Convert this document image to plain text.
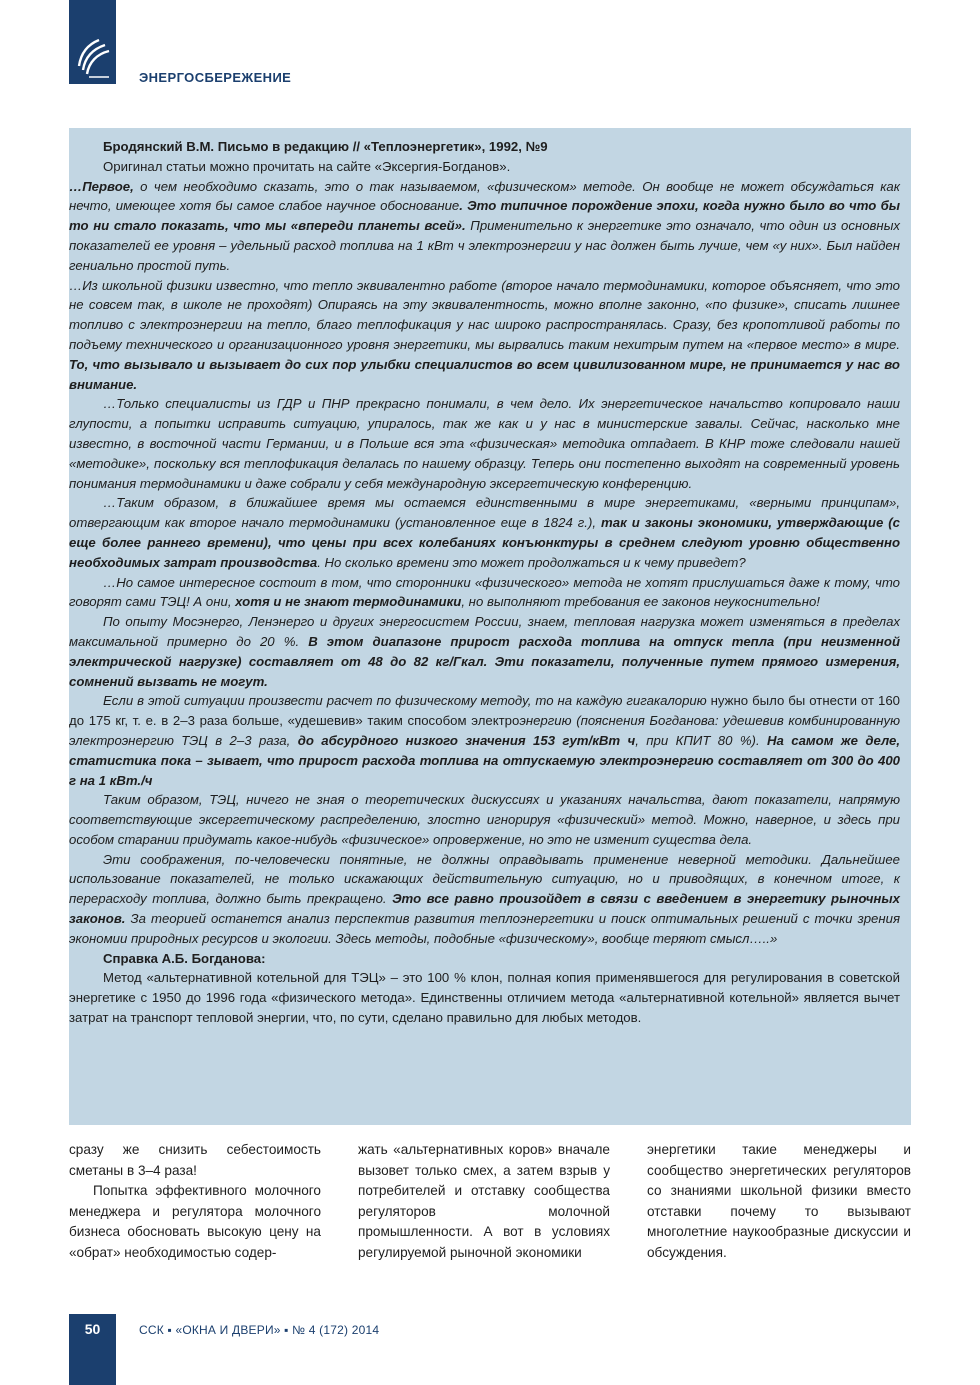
ЭНЕРГОСБЕРЕЖЕНИЕ

Бродянский В.М. Письмо в редакцию // «Теплоэнергетик», 1992, №9

Оригинал статьи можно прочитать на сайте «Эксергия-Богданов».

…Первое, о чем необходимо сказать, это о так называемом, «физическом» методе. Он вообще не может обсуждаться как нечто, имеющее хотя бы самое слабое научное обоснование. Это типичное порождение эпохи, когда нужно было во что бы то ни стало показать, что мы «впереди планеты всей». Применительно к энергетике это означало, что один из основных показателей ее уровня – удельный расход топлива на 1 кВт ч электроэнергии у нас должен быть лучше, чем «у них». Был найден гениально простой путь.

…Из школьной физики известно, что тепло эквивалентно работе (второе начало термодинамики, которое объясняет, что это не совсем так, в школе не проходят) Опираясь на эту эквивалентность, можно вполне законно, «по физике», списать лишнее топливо с электроэнергии на тепло, благо теплофикация у нас широко распространялась. Сразу, без кропотливой работы по подъему технического и организационного уровня энергетики, мы вырвались таким нехитрым путем на «первое место» в мире. То, что вызывало и вызывает до сих пор улыбки специалистов во всем цивилизованном мире, не принимается у нас во внимание.

…Только специалисты из ГДР и ПНР прекрасно понимали, в чем дело. Их энергетическое начальство копировало наши глупости, а попытки исправить ситуацию, упиралось, так же как и у нас в министерские завалы. Сейчас, насколько мне известно, в восточной части Германии, и в Польше вся эта «физическая» методика отпадает. В КНР тоже следовали нашей «методике», поскольку вся теплофикация делалась по нашему образцу. Теперь они постепенно выходят на современный уровень понимания термодинамики и даже собрали у себя международную эксергетическую конференцию.

…Таким образом, в ближайшее время мы остаемся единственными в мире энергетиками, «верными принципам», отвергающим как второе начало термодинамики (установленное еще в 1824 г.), так и законы экономики, утверждающие (с еще более раннего времени), что цены при всех колебаниях конъюнктуры в среднем следуют уровню общественно необходимых затрат производства. Но сколько времени это может продолжаться и к чему приведет?

…Но самое интересное состоит в том, что сторонники «физического» метода не хотят прислушаться даже к тому, что говорят сами ТЭЦ! А они, хотя и не знают термодинамики, но выполняют требования ее законов неукоснительно!

По опыту Мосэнерго, Ленэнерго и других энергосистем России, знаем, тепловая нагрузка может изменяться в пределах максимальной примерно до 20 %. В этом диапазоне прирост расхода топлива на отпуск тепла (при неизменной электрической нагрузке) составляет от 48 до 82 кг/Гкал. Эти показатели, полученные путем прямого измерения, сомнений вызвать не могут.

Если в этой ситуации произвести расчет по физическому методу, то на каждую гигакалорию нужно было бы отнести от 160 до 175 кг, т. е. в 2–3 раза больше, «удешевив» таким способом электроэнергию (пояснения Богданова: удешевив комбинированную электроэнергию ТЭЦ в 2–3 раза, до абсурдного низкого значения 153 гут/кВт ч, при КПИТ 80 %). На самом же деле, статистика пока – зывает, что прирост расхода топлива на отпускаемую электроэнергию составляет от 300 до 400 г на 1 кВт./ч

Таким образом, ТЭЦ, ничего не зная о теоретических дискуссиях и указаниях начальства, дают показатели, напрямую соответствующие эксергетическому распределению, злостно игнорируя «физический» метод. Можно, наверное, и здесь при особом старании придумать какое-нибудь «физическое» опровержение, но это не изменит существа дела.

Эти соображения, по-человечески понятные, не должны оправдывать применение неверной методики. Дальнейшее использование показателей, не только искажающих действительную ситуацию, но и приводящих, в конечном итоге, к перерасходу топлива, должно быть прекращено. Это все равно произойдет в связи с введением в энергетику рыночных законов. За теорией останется анализ перспектив развития теплоэнергетики и поиск оптимальных решений с точки зрения экономии природных ресурсов и экологии. Здесь методы, подобные «физическому», вообще теряют смысл…..»

Справка А.Б. Богданова:

Метод «альтернативной котельной для ТЭЦ» – это 100 % клон, полная копия применявшегося для регулирования в советской энергетике с 1950 до 1996 года «физического метода». Единственны отличием метода «альтернативной котельной» является вычет затрат на транспорт тепловой энергии, что, по сути, сделано правильно для любых методов.

сразу же снизить себестоимость сметаны в 3–4 раза!

Попытка эффективного молочного менеджера и регулятора молочного бизнеса обосновать высокую цену на «обрат» необходимостью содер-

жать «альтернативных коров» вначале вызовет только смех, а затем взрыв у потребителей и отставку сообщества регуляторов молочной промышленности. А вот в условиях регулируемой рыночной экономики

энергетики такие менеджеры и сообщество энергетических регуляторов со знаниями школьной физики вместо отставки почему то вызывают многолетние наукообразные дискуссии и обсуждения.

50	ССК ▪ «ОКНА И ДВЕРИ» ▪ № 4 (172) 2014
